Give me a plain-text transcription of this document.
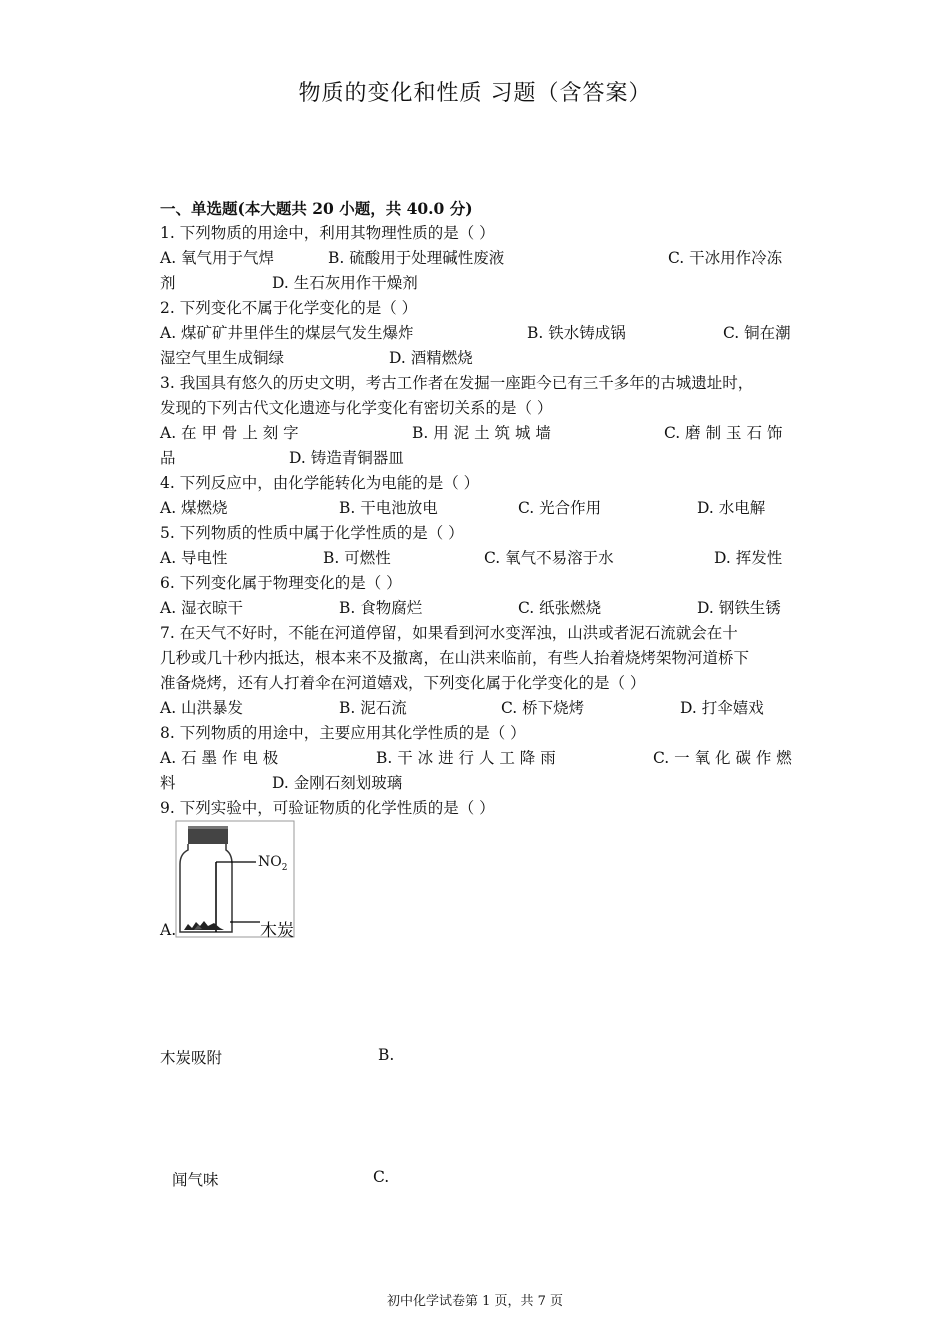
物质的变化和性质 习题（含答案）
一、单选题(本大题共 20 小题，共 40.0 分)
1. 下列物质的用途中，利用其物理性质的是（ ）
A. 氧气用于气焊	B. 硫酸用于处理碱性废液	C. 干冰用作冷冻
剂	D. 生石灰用作干燥剂
2. 下列变化不属于化学变化的是（ ）
A. 煤矿矿井里伴生的煤层气发生爆炸	B. 铁水铸成锅	C. 铜在潮
湿空气里生成铜绿	D. 酒精燃烧
3. 我国具有悠久的历史文明，考古工作者在发掘一座距今已有三千多年的古城遗址时，
发现的下列古代文化遗迹与化学变化有密切关系的是（ ）
A. 在 甲 骨 上 刻 字	B. 用 泥 土 筑 城 墙	C. 磨 制 玉 石 饰
品	D. 铸造青铜器皿
4. 下列反应中，由化学能转化为电能的是（ ）
A. 煤燃烧	B. 干电池放电	C. 光合作用	D. 水电解
5. 下列物质的性质中属于化学性质的是（ ）
A. 导电性	B. 可燃性	C. 氧气不易溶于水	D. 挥发性
6. 下列变化属于物理变化的是（ ）
A. 湿衣晾干	B. 食物腐烂	C. 纸张燃烧	D. 钢铁生锈
7. 在天气不好时，不能在河道停留，如果看到河水变浑浊，山洪或者泥石流就会在十
几秒或几十秒内抵达，根本来不及撤离，在山洪来临前，有些人抬着烧烤架物河道桥下
准备烧烤，还有人打着伞在河道嬉戏，下列变化属于化学变化的是（ ）
A. 山洪暴发	B. 泥石流	C. 桥下烧烤	D. 打伞嬉戏
8. 下列物质的用途中，主要应用其化学性质的是（ ）
A. 石 墨 作 电 极	B. 干 冰 进 行 人 工 降 雨	C. 一 氧 化 碳 作 燃
料	D. 金刚石刻划玻璃
9. 下列实验中，可验证物质的化学性质的是（ ）
A.
$NO_2$
木炭
木炭吸附	B.
闻气味	C.
初中化学试卷第 1 页，共 7 页
